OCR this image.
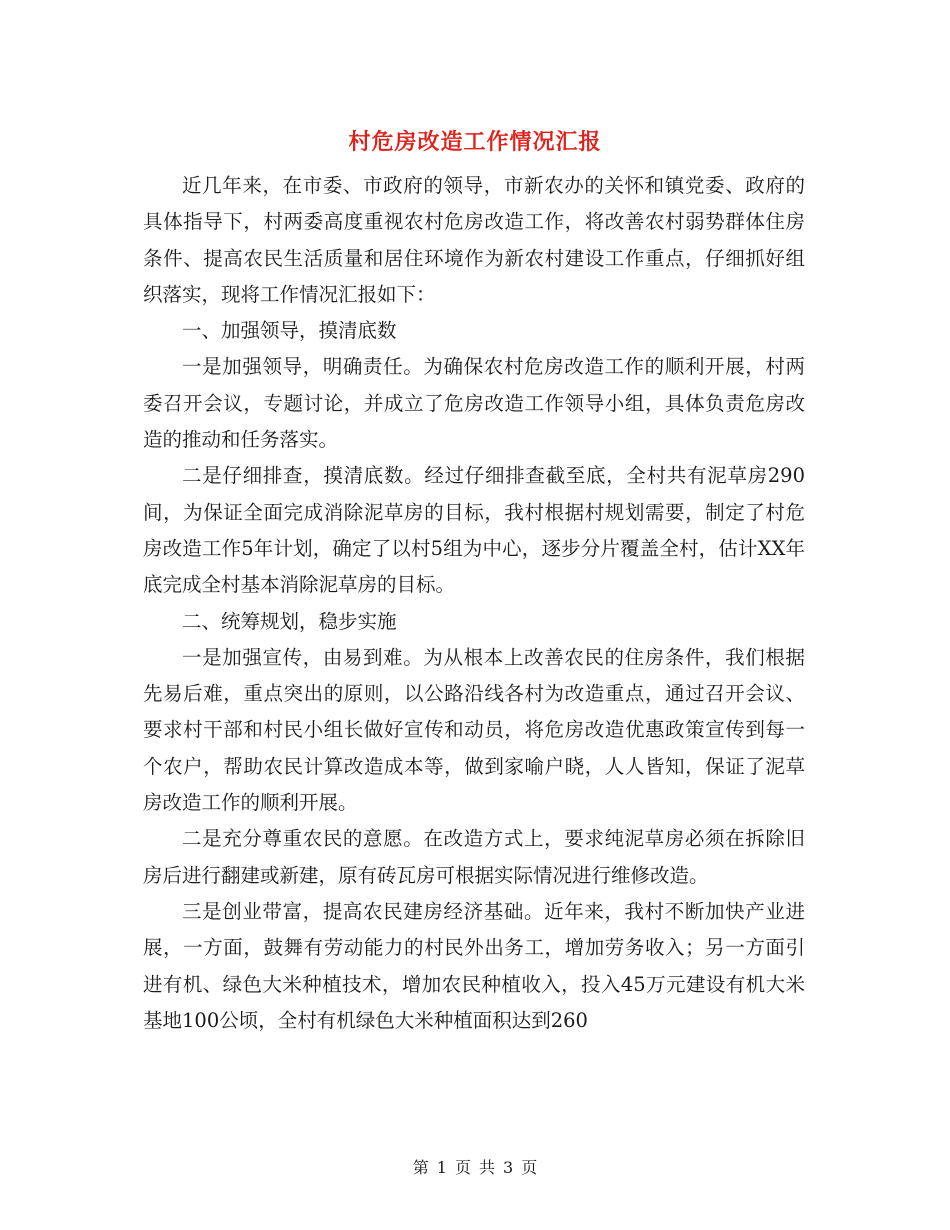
村危房改造工作情况汇报

近几年来，在市委、市政府的领导，市新农办的关怀和镇党委、政府的具体指导下，村两委高度重视农村危房改造工作，将改善农村弱势群体住房条件、提高农民生活质量和居住环境作为新农村建设工作重点，仔细抓好组织落实，现将工作情况汇报如下：

一、加强领导，摸清底数

一是加强领导，明确责任。为确保农村危房改造工作的顺利开展，村两委召开会议，专题讨论，并成立了危房改造工作领导小组，具体负责危房改造的推动和任务落实。

二是仔细排查，摸清底数。经过仔细排查截至底，全村共有泥草房290间，为保证全面完成消除泥草房的目标，我村根据村规划需要，制定了村危房改造工作5年计划，确定了以村5组为中心，逐步分片覆盖全村，估计XX年底完成全村基本消除泥草房的目标。

二、统筹规划，稳步实施

一是加强宣传，由易到难。为从根本上改善农民的住房条件，我们根据先易后难，重点突出的原则，以公路沿线各村为改造重点，通过召开会议、要求村干部和村民小组长做好宣传和动员，将危房改造优惠政策宣传到每一个农户，帮助农民计算改造成本等，做到家喻户晓，人人皆知，保证了泥草房改造工作的顺利开展。

二是充分尊重农民的意愿。在改造方式上，要求纯泥草房必须在拆除旧房后进行翻建或新建，原有砖瓦房可根据实际情况进行维修改造。

三是创业带富，提高农民建房经济基础。近年来，我村不断加快产业进展，一方面，鼓舞有劳动能力的村民外出务工，增加劳务收入；另一方面引进有机、绿色大米种植技术，增加农民种植收入，投入45万元建设有机大米基地100公顷，全村有机绿色大米种植面积达到260

第 1 页 共 3 页
